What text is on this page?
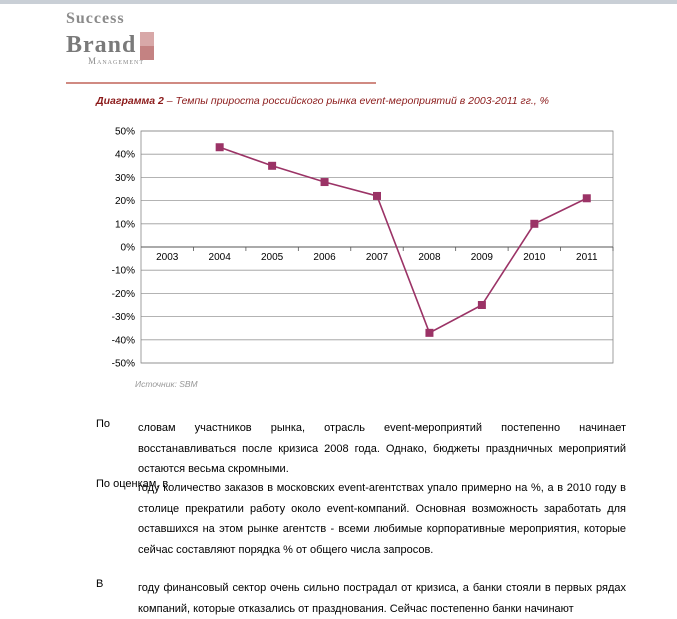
Success
Brand
Management
Диаграмма 2 – Темпы прироста российского рынка event-мероприятий в 2003-2011 гг., %
50%
40%
30%
20%
10%
0%
-10%
-20%
-30%
-40%
-50%
2003	2004	2005	2006	2007	2008	2009	2010	2011
Источник: SBM
По	словам участников рынка, отрасль event-мероприятий постепенно начинает восстанавливаться после кризиса 2008 года. Однако, бюджеты праздничных мероприятий остаются весьма скромными.
По оценкам, в
году количество заказов в московских event-агентствах упало примерно на %, а в 2010 году в столице прекратили работу около event-компаний. Основная возможность заработать для оставшихся на этом рынке агентств - всеми любимые корпоративные мероприятия, которые сейчас составляют порядка % от общего числа запросов.
В	году финансовый сектор очень сильно пострадал от кризиса, а банки стояли в первых рядах компаний, которые отказались от празднования. Сейчас постепенно банки начинают
